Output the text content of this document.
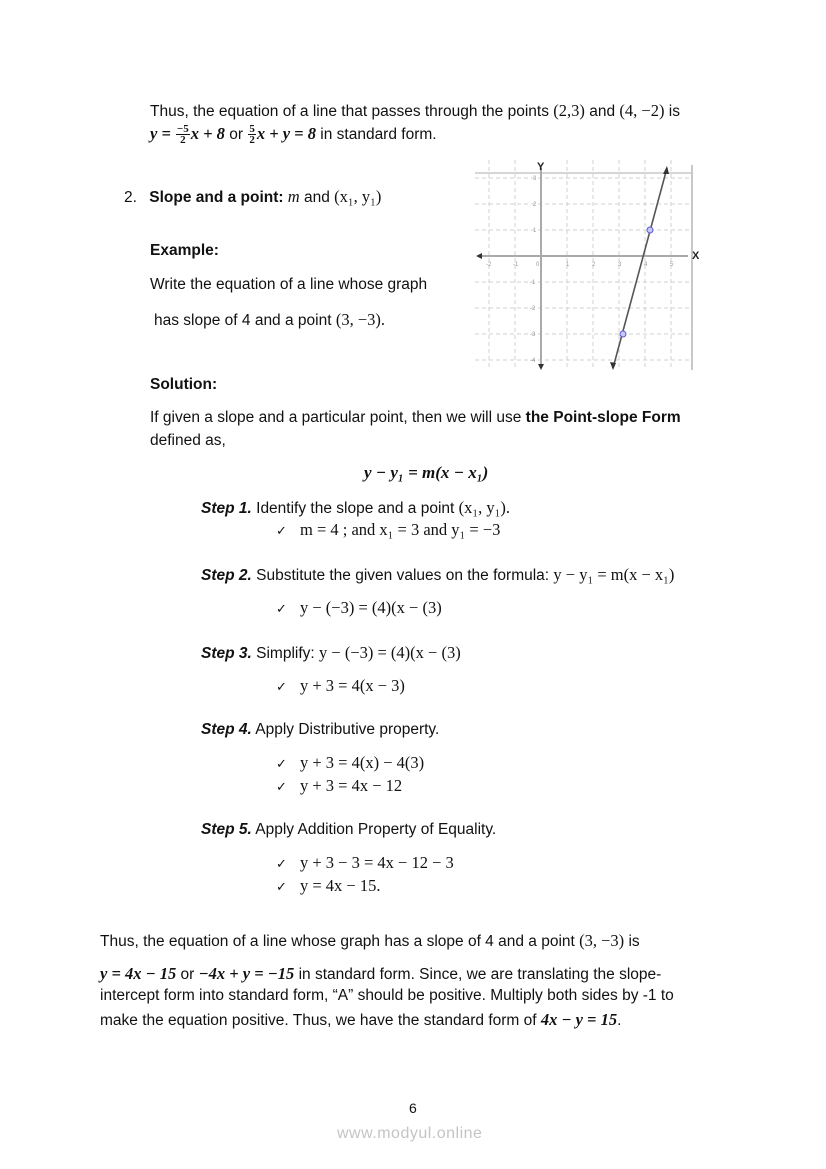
Thus, the equation of a line that passes through the points (2,3) and (4, −2) is
$y = \frac{-5}{2}$ x + 8 or $\frac{5}{2}$ x + y = 8 in standard form.
2. Slope and a point: m and (x₁, y₁)
Example:
Write the equation of a line whose graph
has slope of 4 and a point (3, −3).
X
Y
-2	-1	0	1	2	3	4	5
3
2
1
-1
-2
-3
-4
Solution:
If given a slope and a particular point, then we will use the Point-slope Form
defined as,
y − y₁ = m(x − x₁)
Step 1. Identify the slope and a point (x₁, y₁).
✓ m = 4 ; and x₁ = 3 and y₁ = −3
Step 2. Substitute the given values on the formula: y − y₁ = m(x − x₁)
✓ y − (−3) = (4)(x − (3)
Step 3. Simplify: y − (−3) = (4)(x − (3)
✓ y + 3 = 4(x − 3)
Step 4. Apply Distributive property.
✓ y + 3 = 4(x) − 4(3)
✓ y + 3 = 4x − 12
Step 5. Apply Addition Property of Equality.
✓ y + 3 − 3 = 4x − 12 − 3
✓ y = 4x − 15.
Thus, the equation of a line whose graph has a slope of 4 and a point (3, −3) is
y = 4x − 15 or −4x + y = −15 in standard form. Since, we are translating the slope-
intercept form into standard form, “A” should be positive. Multiply both sides by -1 to
make the equation positive. Thus, we have the standard form of 4x − y = 15.
6
www.modyul.online
